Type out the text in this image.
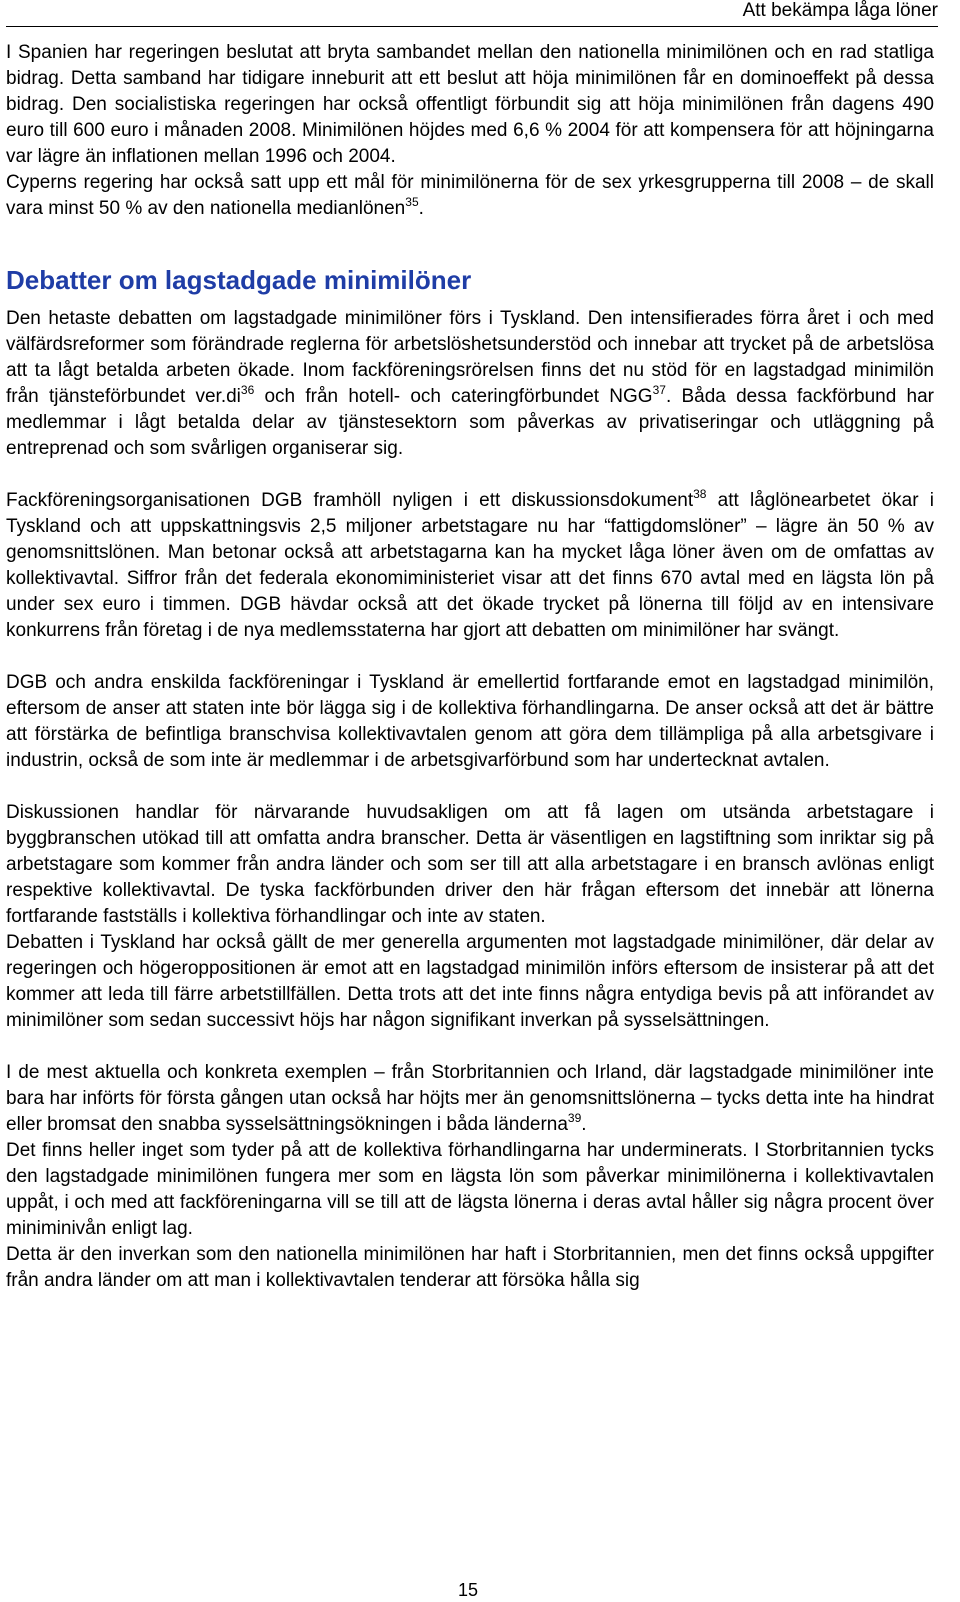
Att bekämpa låga löner

I Spanien har regeringen beslutat att bryta sambandet mellan den nationella minimilönen och en rad statliga bidrag. Detta samband har tidigare inneburit att ett beslut att höja minimilönen får en dominoeffekt på dessa bidrag. Den socialistiska regeringen har också offentligt förbundit sig att höja minimilönen från dagens 490 euro till 600 euro i månaden 2008. Minimilönen höjdes med 6,6 % 2004 för att kompensera för att höjningarna var lägre än inflationen mellan 1996 och 2004.

Cyperns regering har också satt upp ett mål för minimilönerna för de sex yrkesgrupperna till 2008 – de skall vara minst 50 % av den nationella medianlönen$^{35}$.

Debatter om lagstadgade minimilöner

Den hetaste debatten om lagstadgade minimilöner förs i Tyskland. Den intensifierades förra året i och med välfärdsreformer som förändrade reglerna för arbetslöshetsunderstöd och innebar att trycket på de arbetslösa att ta lågt betalda arbeten ökade. Inom fackföreningsrörelsen finns det nu stöd för en lagstadgad minimilön från tjänsteförbundet $ver.di^{36}$ och från hotell- och cateringförbundet NGG$^{37}$. Båda dessa fackförbund har medlemmar i lågt betalda delar av tjänstesektorn som påverkas av privatiseringar och utläggning på entreprenad och som svårligen organiserar sig.

Fackföreningsorganisationen DGB framhöll nyligen i ett diskussionsdokument$^{38}$ att låglönearbetet ökar i Tyskland och att uppskattningsvis 2,5 miljoner arbetstagare nu har “fattigdomslöner” – lägre än 50 % av genomsnittslönen. Man betonar också att arbetstagarna kan ha mycket låga löner även om de omfattas av kollektivavtal. Siffror från det federala ekonomiministeriet visar att det finns 670 avtal med en lägsta lön på under sex euro i timmen. DGB hävdar också att det ökade trycket på lönerna till följd av en intensivare konkurrens från företag i de nya medlemsstaterna har gjort att debatten om minimilöner har svängt.

DGB och andra enskilda fackföreningar i Tyskland är emellertid fortfarande emot en lagstadgad minimilön, eftersom de anser att staten inte bör lägga sig i de kollektiva förhandlingarna. De anser också att det är bättre att förstärka de befintliga branschvisa kollektivavtalen genom att göra dem tillämpliga på alla arbetsgivare i industrin, också de som inte är medlemmar i de arbetsgivarförbund som har undertecknat avtalen.

Diskussionen handlar för närvarande huvudsakligen om att få lagen om utsända arbetstagare i byggbranschen utökad till att omfatta andra branscher. Detta är väsentligen en lagstiftning som inriktar sig på arbetstagare som kommer från andra länder och som ser till att alla arbetstagare i en bransch avlönas enligt respektive kollektivavtal. De tyska fackförbunden driver den här frågan eftersom det innebär att lönerna fortfarande fastställs i kollektiva förhandlingar och inte av staten.

Debatten i Tyskland har också gällt de mer generella argumenten mot lagstadgade minimilöner, där delar av regeringen och högeroppositionen är emot att en lagstadgad minimilön införs eftersom de insisterar på att det kommer att leda till färre arbetstillfällen. Detta trots att det inte finns några entydiga bevis på att införandet av minimilöner som sedan successivt höjs har någon signifikant inverkan på sysselsättningen.

I de mest aktuella och konkreta exemplen – från Storbritannien och Irland, där lagstadgade minimilöner inte bara har införts för första gången utan också har höjts mer än genomsnittslönerna – tycks detta inte ha hindrat eller bromsat den snabba sysselsättningsökningen i båda länderna$^{39}$.

Det finns heller inget som tyder på att de kollektiva förhandlingarna har underminerats. I Storbritannien tycks den lagstadgade minimilönen fungera mer som en lägsta lön som påverkar minimilönerna i kollektivavtalen uppåt, i och med att fackföreningarna vill se till att de lägsta lönerna i deras avtal håller sig några procent över miniminivån enligt lag.

Detta är den inverkan som den nationella minimilönen har haft i Storbritannien, men det finns också uppgifter från andra länder om att man i kollektivavtalen tenderar att försöka hålla sig

15
